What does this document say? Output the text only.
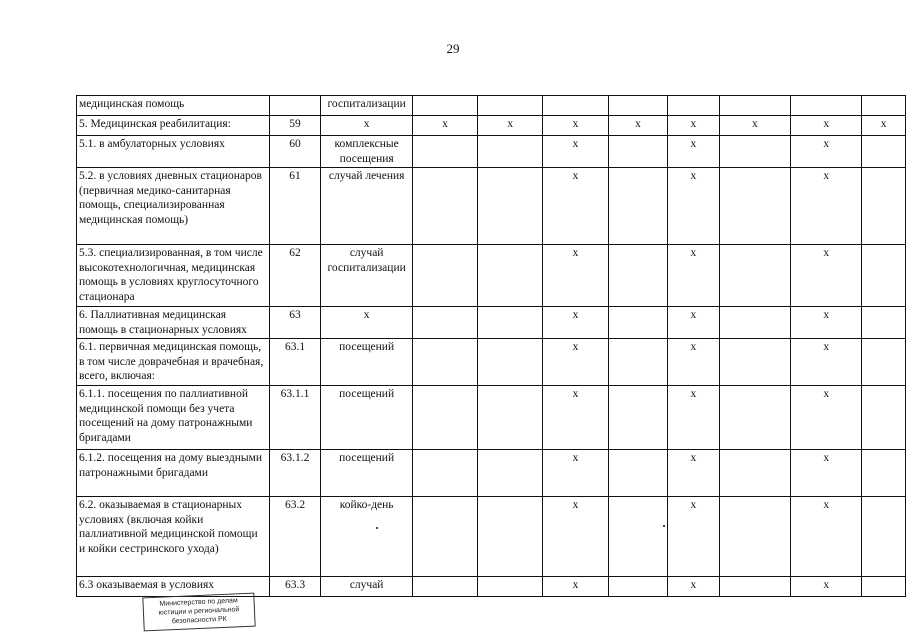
29
медицинская помощь		госпитализации								
5. Медицинская реабилитация:	59	х	х	х	х	х	х	х	х	х
5.1. в амбулаторных условиях	60	комплексные посещения			х		х		х	
5.2. в условиях дневных стационаров (первичная медико-санитарная помощь, специализированная медицинская помощь)	61	случай лечения			х		х		х	
5.3. специализированная, в том числе высокотехнологичная, медицинская помощь в условиях круглосуточного стационара	62	случай госпитализации			х		х		х	
6. Паллиативная медицинская помощь в стационарных условиях	63	х			х		х		х	
6.1. первичная медицинская помощь, в том числе доврачебная и врачебная, всего, включая:	63.1	посещений			х		х		х	
6.1.1. посещения по паллиативной медицинской помощи без учета посещений на дому патронажными бригадами	63.1.1	посещений			х		х		х	
6.1.2. посещения на дому выездными патронажными бригадами	63.1.2	посещений			х		х		х	
6.2. оказываемая в стационарных условиях (включая койки паллиативной медицинской помощи и койки сестринского ухода)	63.2	койко-день			х		х		х	
6.3 оказываемая в условиях	63.3	случай			х		х		х	
Министерство по делам
юстиции и региональной
безопасности РК
